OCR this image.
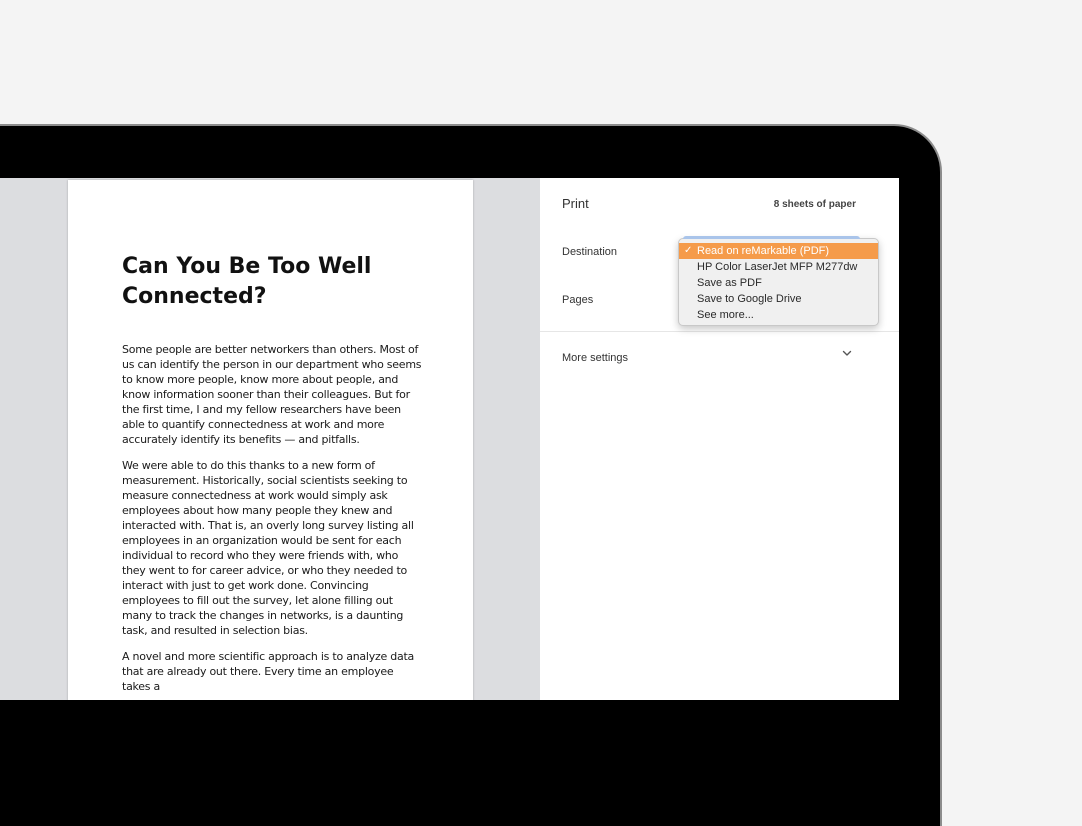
Can You Be Too Well Connected?

Some people are better networkers than others. Most of us can identify the person in our department who seems to know more people, know more about people, and know information sooner than their colleagues. But for the first time, I and my fellow researchers have been able to quantify connectedness at work and more accurately identify its benefits — and pitfalls.

We were able to do this thanks to a new form of measurement. Historically, social scientists seeking to measure connectedness at work would simply ask employees about how many people they knew and interacted with. That is, an overly long survey listing all employees in an organization would be sent for each individual to record who they were friends with, who they went to for career advice, or who they needed to interact with just to get work done. Convincing employees to fill out the survey, let alone filling out many to track the changes in networks, is a daunting task, and resulted in selection bias.

A novel and more scientific approach is to analyze data that are already out there. Every time an employee takes a

Print	8 sheets of paper
Destination
Pages
More settings
✓ Read on reMarkable (PDF)
HP Color LaserJet MFP M277dw
Save as PDF
Save to Google Drive
See more...
